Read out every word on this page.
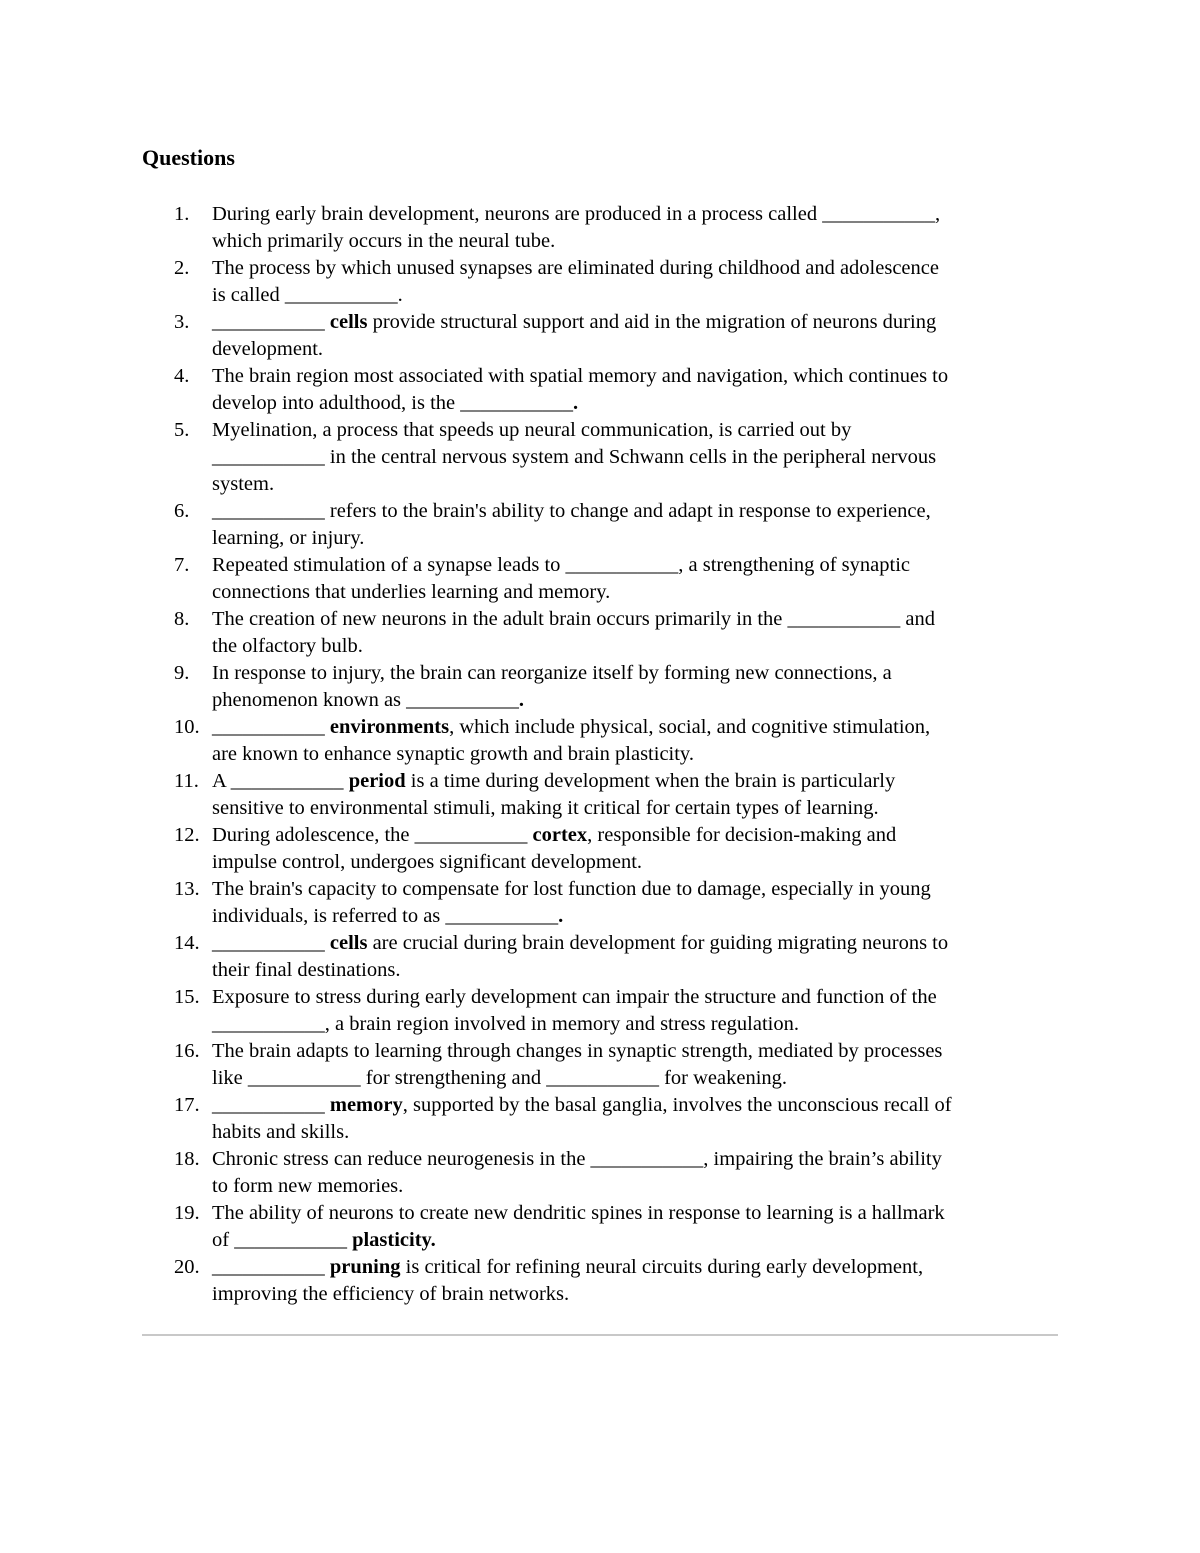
Questions
1. During early brain development, neurons are produced in a process called ___________,
which primarily occurs in the neural tube.
2. The process by which unused synapses are eliminated during childhood and adolescence
is called ___________.
3. ___________ cells provide structural support and aid in the migration of neurons during
development.
4. The brain region most associated with spatial memory and navigation, which continues to
develop into adulthood, is the ___________.
5. Myelination, a process that speeds up neural communication, is carried out by
___________ in the central nervous system and Schwann cells in the peripheral nervous
system.
6. ___________ refers to the brain's ability to change and adapt in response to experience,
learning, or injury.
7. Repeated stimulation of a synapse leads to ___________, a strengthening of synaptic
connections that underlies learning and memory.
8. The creation of new neurons in the adult brain occurs primarily in the ___________ and
the olfactory bulb.
9. In response to injury, the brain can reorganize itself by forming new connections, a
phenomenon known as ___________.
10. ___________ environments, which include physical, social, and cognitive stimulation,
are known to enhance synaptic growth and brain plasticity.
11. A ___________ period is a time during development when the brain is particularly
sensitive to environmental stimuli, making it critical for certain types of learning.
12. During adolescence, the ___________ cortex, responsible for decision-making and
impulse control, undergoes significant development.
13. The brain's capacity to compensate for lost function due to damage, especially in young
individuals, is referred to as ___________.
14. ___________ cells are crucial during brain development for guiding migrating neurons to
their final destinations.
15. Exposure to stress during early development can impair the structure and function of the
___________, a brain region involved in memory and stress regulation.
16. The brain adapts to learning through changes in synaptic strength, mediated by processes
like ___________ for strengthening and ___________ for weakening.
17. ___________ memory, supported by the basal ganglia, involves the unconscious recall of
habits and skills.
18. Chronic stress can reduce neurogenesis in the ___________, impairing the brain’s ability
to form new memories.
19. The ability of neurons to create new dendritic spines in response to learning is a hallmark
of ___________ plasticity.
20. ___________ pruning is critical for refining neural circuits during early development,
improving the efficiency of brain networks.
